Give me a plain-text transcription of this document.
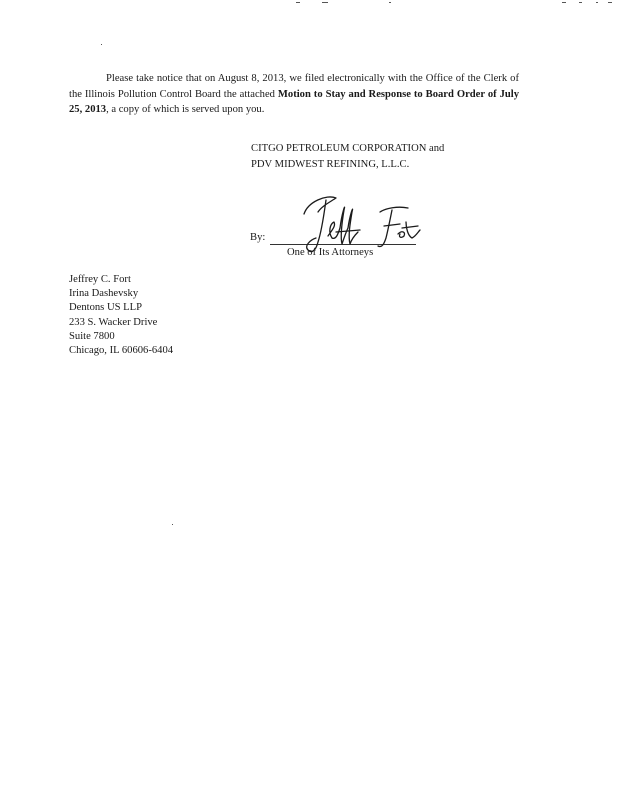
Please take notice that on August 8, 2013, we filed electronically with the Office of the Clerk of the Illinois Pollution Control Board the attached Motion to Stay and Response to Board Order of July 25, 2013, a copy of which is served upon you.

CITGO PETROLEUM CORPORATION and
PDV MIDWEST REFINING, L.L.C.
By:
One of Its Attorneys
Jeffrey C. Fort
Irina Dashevsky
Dentons US LLP
233 S. Wacker Drive
Suite 7800
Chicago, IL 60606-6404
